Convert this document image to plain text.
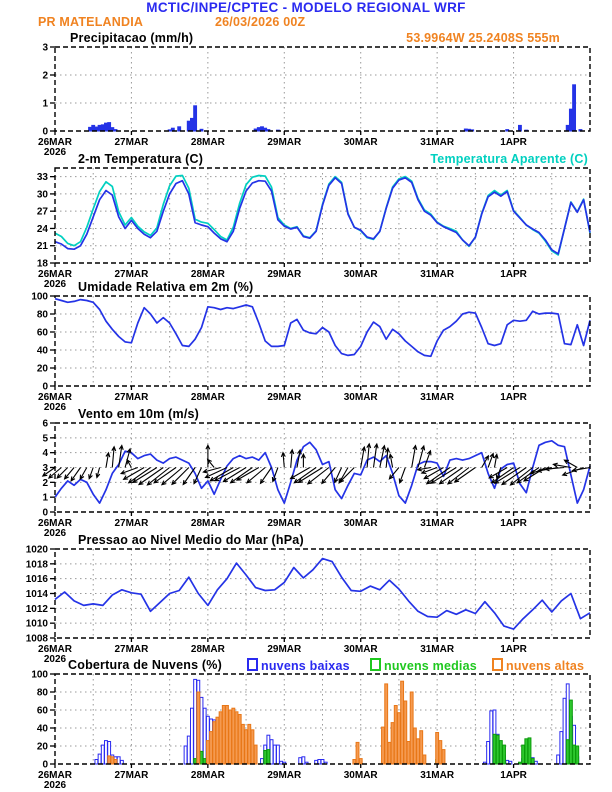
MCTIC/INPE/CPTEC - MODELO REGIONAL WRF
PR MATELANDIA	26/03/2026 00Z
Precipitacao (mm/h)	53.9964W 25.2408S 555m
2-m Temperatura (C)	Temperatura Aparente (C)
Umidade Relativa em 2m (%)
Vento em 10m (m/s)
Pressao ao Nivel Medio do Mar (hPa)
Cobertura de Nuvens (%)	nuvens baixas	nuvens medias	nuvens altas
0
1
2
3
26MAR
2026
27MAR	28MAR	29MAR	30MAR	31MAR	1APR
18
21
24
27
30
33
26MAR
2026
27MAR	28MAR	29MAR	30MAR	31MAR	1APR
0
20
40
60
80
100
26MAR
2026
27MAR	28MAR	29MAR	30MAR	31MAR	1APR
0
1
2
3
4
5
6
26MAR
2026
27MAR	28MAR	29MAR	30MAR	31MAR	1APR
1008
1010
1012
1014
1016
1018
1020
26MAR
2026
27MAR	28MAR	29MAR	30MAR	31MAR	1APR
0
20
40
60
80
100
26MAR
2026
27MAR	28MAR	29MAR	30MAR	31MAR	1APR
